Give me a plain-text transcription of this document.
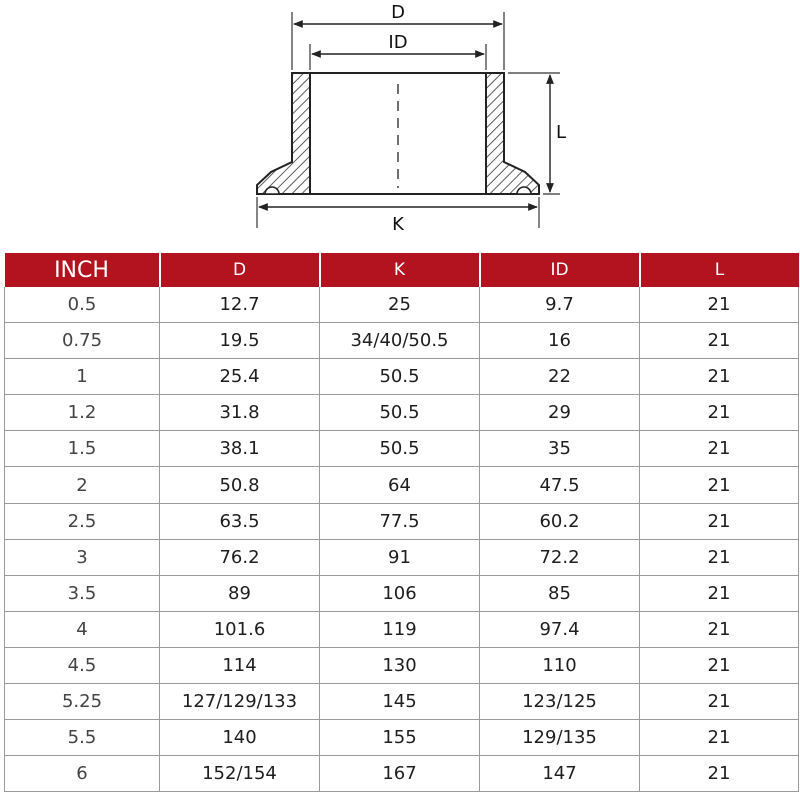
D
ID
L
K
INCH	D	K	ID	L
0.5	12.7	25	9.7	21
0.75	19.5	34/40/50.5	16	21
1	25.4	50.5	22	21
1.2	31.8	50.5	29	21
1.5	38.1	50.5	35	21
2	50.8	64	47.5	21
2.5	63.5	77.5	60.2	21
3	76.2	91	72.2	21
3.5	89	106	85	21
4	101.6	119	97.4	21
4.5	114	130	110	21
5.25	127/129/133	145	123/125	21
5.5	140	155	129/135	21
6	152/154	167	147	21
